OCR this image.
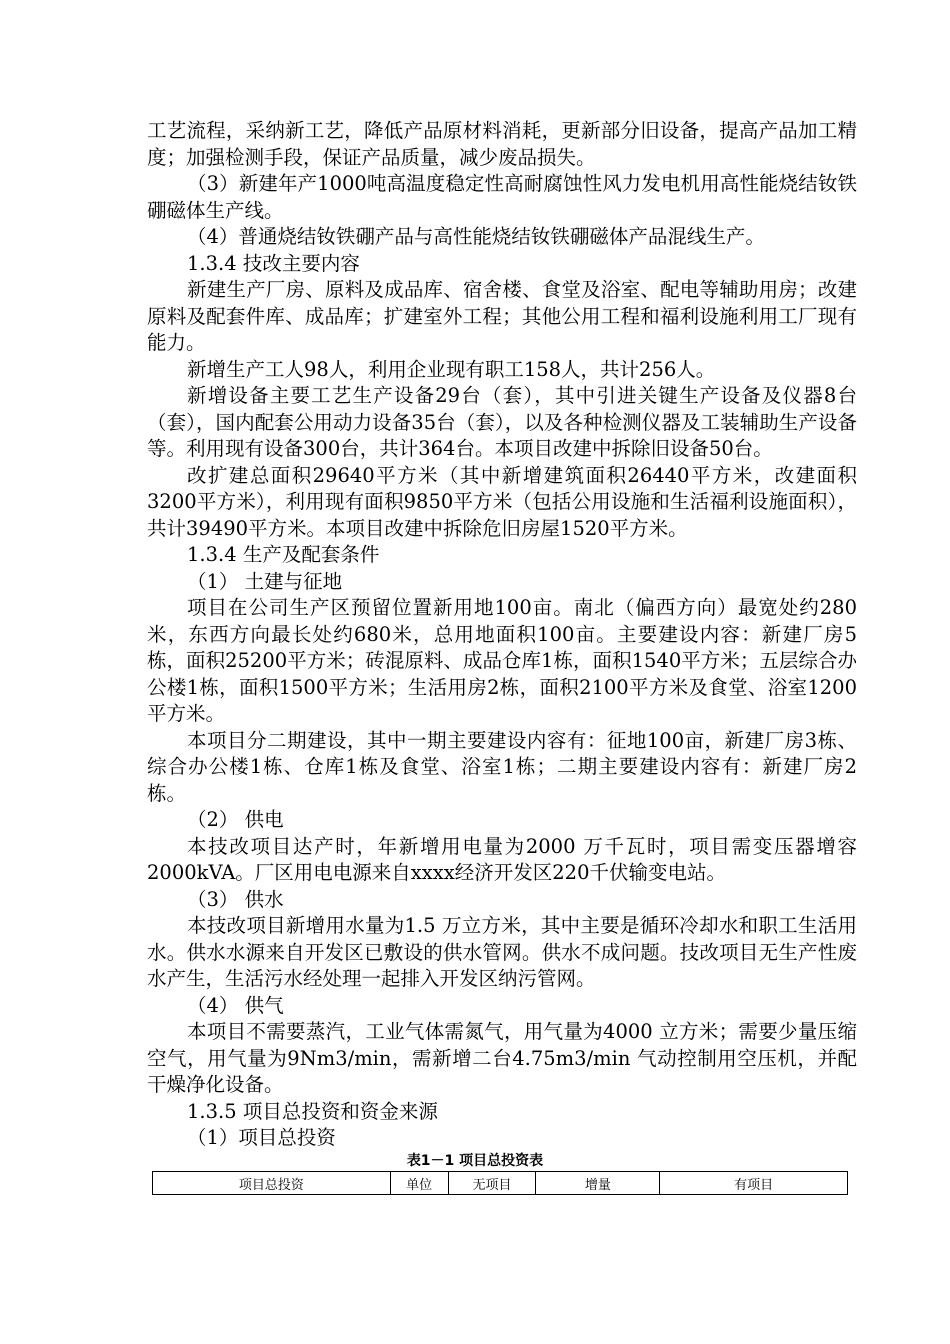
工艺流程，采纳新工艺，降低产品原材料消耗，更新部分旧设备，提高产品加工精度；加强检测手段，保证产品质量，减少废品损失。

（3）新建年产1000吨高温度稳定性高耐腐蚀性风力发电机用高性能烧结钕铁硼磁体生产线。

（4）普通烧结钕铁硼产品与高性能烧结钕铁硼磁体产品混线生产。

1.3.4 技改主要内容

新建生产厂房、原料及成品库、宿舍楼、食堂及浴室、配电等辅助用房；改建原料及配套件库、成品库；扩建室外工程；其他公用工程和福利设施利用工厂现有能力。

新增生产工人98人，利用企业现有职工158人，共计256人。

新增设备主要工艺生产设备29台（套），其中引进关键生产设备及仪器8台（套），国内配套公用动力设备35台（套），以及各种检测仪器及工装辅助生产设备等。利用现有设备300台，共计364台。本项目改建中拆除旧设备50台。

改扩建总面积29640平方米（其中新增建筑面积26440平方米，改建面积3200平方米），利用现有面积9850平方米（包括公用设施和生活福利设施面积），共计39490平方米。本项目改建中拆除危旧房屋1520平方米。

1.3.4 生产及配套条件

（1） 土建与征地

项目在公司生产区预留位置新用地100亩。南北（偏西方向）最宽处约280米，东西方向最长处约680米，总用地面积100亩。主要建设内容：新建厂房5栋，面积25200平方米；砖混原料、成品仓库1栋，面积1540平方米；五层综合办公楼1栋，面积1500平方米；生活用房2栋，面积2100平方米及食堂、浴室1200平方米。

本项目分二期建设，其中一期主要建设内容有：征地100亩，新建厂房3栋、综合办公楼1栋、仓库1栋及食堂、浴室1栋；二期主要建设内容有：新建厂房2栋。

（2） 供电

本技改项目达产时，年新增用电量为2000 万千瓦时，项目需变压器增容2000kVA。厂区用电电源来自xxxx经济开发区220千伏输变电站。

（3） 供水

本技改项目新增用水量为1.5 万立方米，其中主要是循环冷却水和职工生活用水。供水水源来自开发区已敷设的供水管网。供水不成问题。技改项目无生产性废水产生，生活污水经处理一起排入开发区纳污管网。

（4） 供气

本项目不需要蒸汽，工业气体需氮气，用气量为4000 立方米；需要少量压缩空气，用气量为9Nm3/min，需新增二台4.75m3/min 气动控制用空压机，并配干燥净化设备。

1.3.5 项目总投资和资金来源

（1）项目总投资

表1－1 项目总投资表
项目总投资	单位	无项目	增量	有项目
